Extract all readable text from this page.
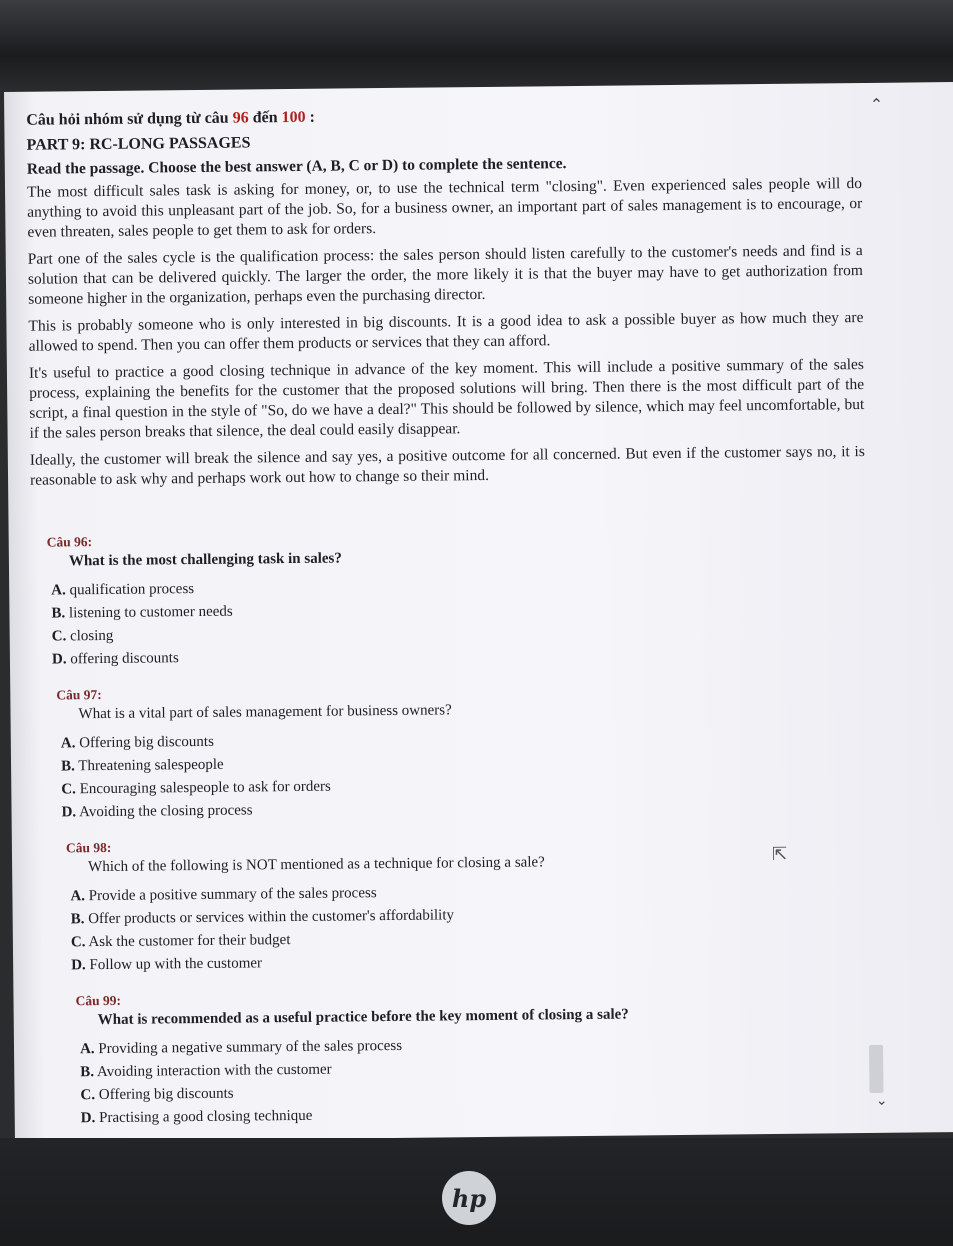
Câu hỏi nhóm sử dụng từ câu 96 đến 100 :
PART 9: RC-LONG PASSAGES
Read the passage. Choose the best answer (A, B, C or D) to complete the sentence.

The most difficult sales task is asking for money, or, to use the technical term "closing". Even experienced sales people will do anything to avoid this unpleasant part of the job. So, for a business owner, an important part of sales management is to encourage, or even threaten, sales people to get them to ask for orders.

Part one of the sales cycle is the qualification process: the sales person should listen carefully to the customer's needs and find is a solution that can be delivered quickly. The larger the order, the more likely it is that the buyer may have to get authorization from someone higher in the organization, perhaps even the purchasing director.

This is probably someone who is only interested in big discounts. It is a good idea to ask a possible buyer as how much they are allowed to spend. Then you can offer them products or services that they can afford.

It's useful to practice a good closing technique in advance of the key moment. This will include a positive summary of the sales process, explaining the benefits for the customer that the proposed solutions will bring. Then there is the most difficult part of the script, a final question in the style of "So, do we have a deal?" This should be followed by silence, which may feel uncomfortable, but if the sales person breaks that silence, the deal could easily disappear.

Ideally, the customer will break the silence and say yes, a positive outcome for all concerned. But even if the customer says no, it is reasonable to ask why and perhaps work out how to change so their mind.

Câu 96:
What is the most challenging task in sales?
A. qualification process
B. listening to customer needs
C. closing
D. offering discounts
Câu 97:
What is a vital part of sales management for business owners?
A. Offering big discounts
B. Threatening salespeople
C. Encouraging salespeople to ask for orders
D. Avoiding the closing process
Câu 98:
Which of the following is NOT mentioned as a technique for closing a sale?
A. Provide a positive summary of the sales process
B. Offer products or services within the customer's affordability
C. Ask the customer for their budget
D. Follow up with the customer
Câu 99:
What is recommended as a useful practice before the key moment of closing a sale?
A. Providing a negative summary of the sales process
B. Avoiding interaction with the customer
C. Offering big discounts
D. Practising a good closing technique
⌃
⌄
⇱
hp
